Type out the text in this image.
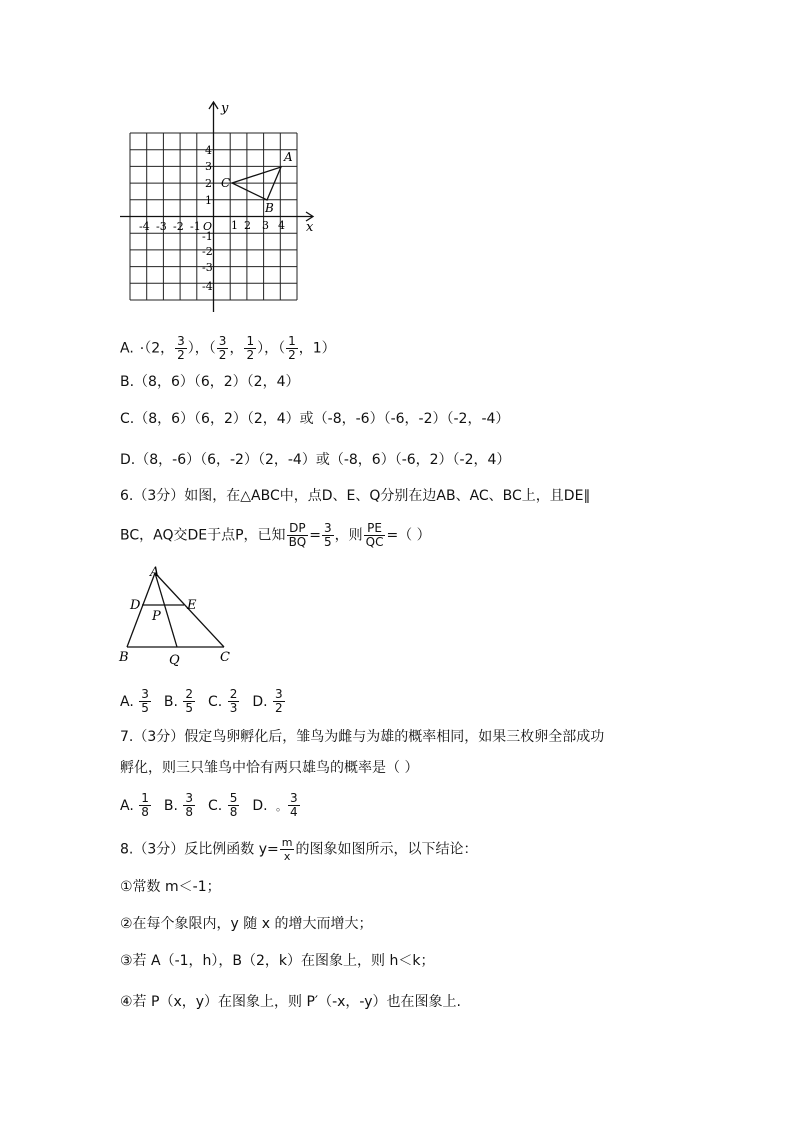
y
x
-4 -3 -2 -1 O 1 2 3 4
4
3
2
1
-1
-2
-3
-4
A
B
C
A. ·（2， $\frac{3}{2}$ ），（ $\frac{3}{2}$ ， $\frac{1}{2}$ ），（ $\frac{1}{2}$ ，1）
B.（8，6）（6，2）（2，4）
C.（8，6）（6，2）（2，4）或（-8，-6）（-6，-2）（-2，-4）
D.（8，-6）（6，-2）（2，-4）或（-8，6）（-6，2）（-2，4）
6.（3分）如图，在△ABC中，点D、E、Q分别在边AB、AC、BC上，且DE∥
BC，AQ交DE于点P，已知 $\frac{DP}{BQ} = \frac{3}{5}$ ，则 $\frac{PE}{QC}$ =（ ）
A
D	E
P
B	Q	C
A. $\frac{3}{5} B$. $\frac{2}{5} C$. $\frac{2}{3} D$. $\frac{3}{2}$
7.（3分）假定鸟卵孵化后，雏鸟为雌与为雄的概率相同，如果三枚卵全部成功
孵化，则三只雏鸟中恰有两只雄鸟的概率是（ ）
A. $\frac{1}{8} B$. $\frac{3}{8} C$. $\frac{5}{8} D$. 。 $\frac{3}{4}$
8.（3分）反比例函数 $y= \frac{m}{x}$ 的图象如图所示，以下结论：
①常数 m＜-1；
②在每个象限内，y 随 x 的增大而增大；
③若 A（-1，h），B（2，k）在图象上，则 h＜k；
④若 P（x，y）在图象上，则 P′（-x，-y）也在图象上.
